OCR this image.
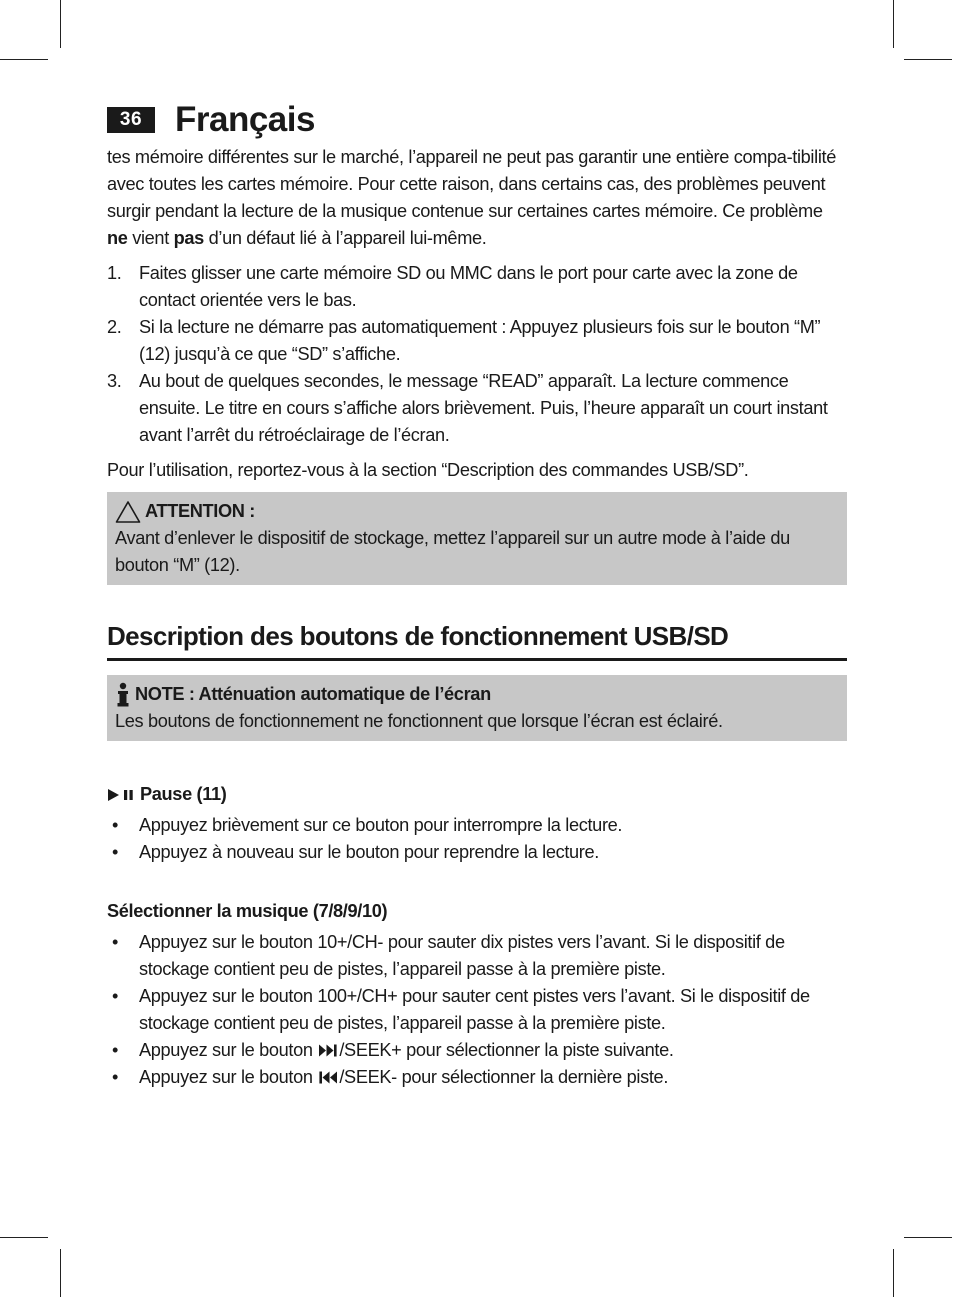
36 Français

tes mémoire différentes sur le marché, l’appareil ne peut pas garantir une entière compa-tibilité avec toutes les cartes mémoire. Pour cette raison, dans certains cas, des problèmes peuvent surgir pendant la lecture de la musique contenue sur certaines cartes mémoire. Ce problème ne vient pas d’un défaut lié à l’appareil lui-même.

1. Faites glisser une carte mémoire SD ou MMC dans le port pour carte avec la zone de contact orientée vers le bas.
2. Si la lecture ne démarre pas automatiquement : Appuyez plusieurs fois sur le bouton “M” (12) jusqu’à ce que “SD” s’affiche.
3. Au bout de quelques secondes, le message “READ” apparaît. La lecture commence ensuite. Le titre en cours s’affiche alors brièvement. Puis, l’heure apparaît un court instant avant l’arrêt du rétroéclairage de l’écran.

Pour l’utilisation, reportez-vous à la section “Description des commandes USB/SD”.

ATTENTION :
Avant d’enlever le dispositif de stockage, mettez l’appareil sur un autre mode à l’aide du bouton “M” (12).
Description des boutons de fonctionnement USB/SD
NOTE : Atténuation automatique de l’écran
Les boutons de fonctionnement ne fonctionnent que lorsque l’écran est éclairé.
Pause (11)
• Appuyez brièvement sur ce bouton pour interrompre la lecture.
• Appuyez à nouveau sur le bouton pour reprendre la lecture.
Sélectionner la musique (7/8/9/10)
• Appuyez sur le bouton 10+/CH- pour sauter dix pistes vers l’avant. Si le dispositif de stockage contient peu de pistes, l’appareil passe à la première piste.
• Appuyez sur le bouton 100+/CH+ pour sauter cent pistes vers l’avant. Si le dispositif de stockage contient peu de pistes, l’appareil passe à la première piste.
• Appuyez sur le bouton /SEEK+ pour sélectionner la piste suivante.
• Appuyez sur le bouton /SEEK- pour sélectionner la dernière piste.
